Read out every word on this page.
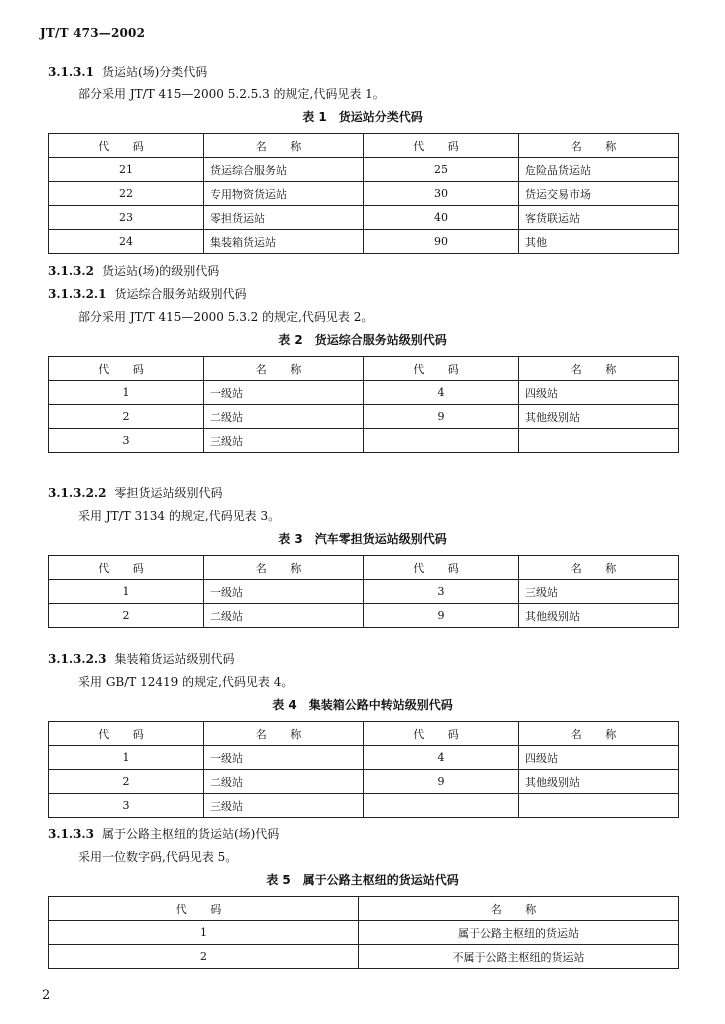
JT/T 473—2002
3.1.3.1 货运站(场)分类代码
部分采用 JT/T 415—2000 5.2.5.3 的规定,代码见表 1。
表 1　货运站分类代码
代 码	名 称	代 码	名 称
21	货运综合服务站	25	危险品货运站
22	专用物资货运站	30	货运交易市场
23	零担货运站	40	客货联运站
24	集装箱货运站	90	其他
3.1.3.2 货运站(场)的级别代码
3.1.3.2.1 货运综合服务站级别代码
部分采用 JT/T 415—2000 5.3.2 的规定,代码见表 2。
表 2　货运综合服务站级别代码
代 码	名 称	代 码	名 称
1	一级站	4	四级站
2	二级站	9	其他级别站
3	三级站		
3.1.3.2.2 零担货运站级别代码
采用 JT/T 3134 的规定,代码见表 3。
表 3　汽车零担货运站级别代码
代 码	名 称	代 码	名 称
1	一级站	3	三级站
2	二级站	9	其他级别站
3.1.3.2.3 集装箱货运站级别代码
采用 GB/T 12419 的规定,代码见表 4。
表 4　集装箱公路中转站级别代码
代 码	名 称	代 码	名 称
1	一级站	4	四级站
2	二级站	9	其他级别站
3	三级站		
3.1.3.3 属于公路主枢纽的货运站(场)代码
采用一位数字码,代码见表 5。
表 5　属于公路主枢纽的货运站代码
代 码	名 称
1	属于公路主枢纽的货运站
2	不属于公路主枢纽的货运站
2
